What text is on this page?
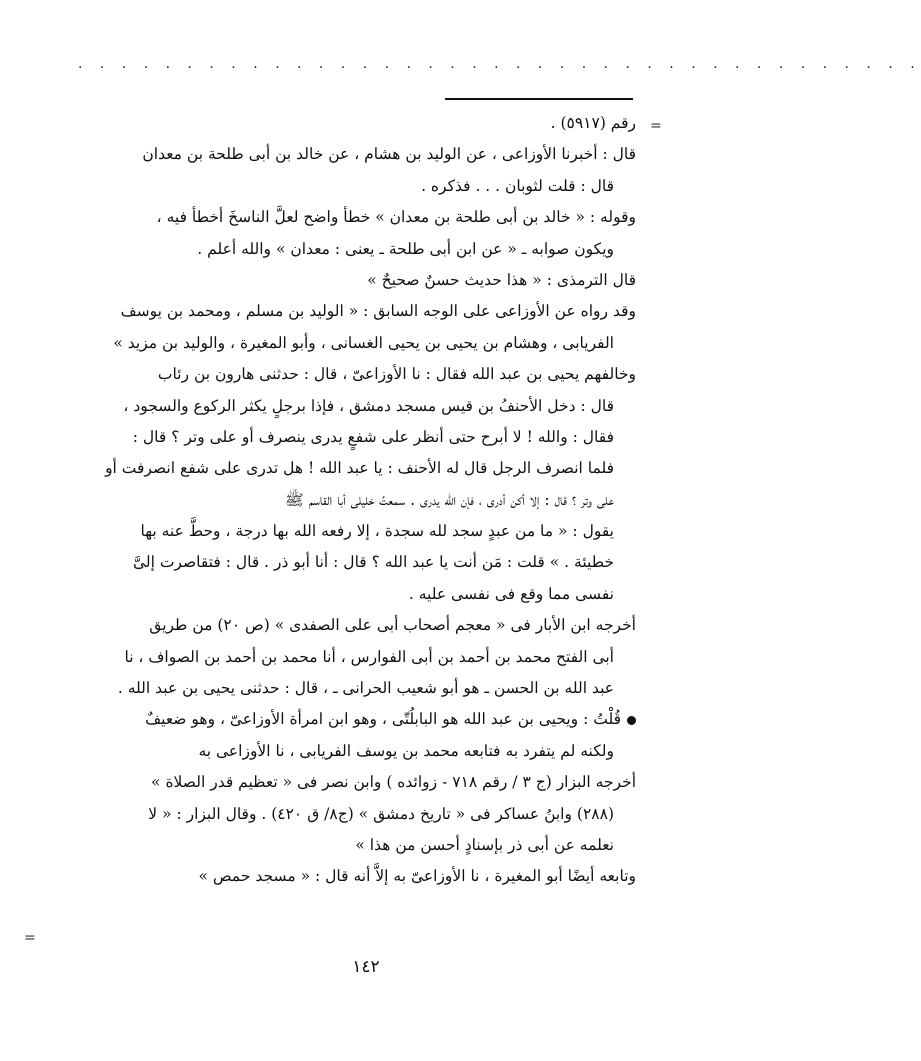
. . . . . . . . . . . . . . . . . . . . . . . . . . . . . . . . . . . . . . .
=
=
رقم (٥٩١٧) .
قال : أخبرنا الأوزاعى ، عن الوليد بن هشام ، عن خالد بن أبى طلحة بن معدان
قال : قلت لثوبان . . . فذكره .
وقوله : « خالد بن أبى طلحة بن معدان » خطأ واضح لعلَّ الناسخَ أخطأ فيه ،
ويكون صوابه ـ « عن ابن أبى طلحة ـ يعنى : معدان » والله أعلم .
قال الترمذى : « هذا حديث حسنٌ صحيحٌ »
وقد رواه عن الأوزاعى على الوجه السابق : « الوليد بن مسلم ، ومحمد بن يوسف
الفريابى ، وهشام بن يحيى بن يحيى الغسانى ، وأبو المغيرة ، والوليد بن مزيد »
وخالفهم يحيى بن عبد الله فقال : نا الأوزاعىّ ، قال : حدثنى هارون بن رئاب
قال : دخل الأحنفُ بن قيس مسجد دمشق ، فإذا برجلٍ يكثر الركوع والسجود ،
فقال : والله ! لا أبرح حتى أنظر على شفعٍ يدرى ينصرف أو على وتر ؟ قال :
فلما انصرف الرجل قال له الأحنف : يا عبد الله ! هل تدرى على شفع انصرفت أو
على وتر ؟ قال : إلا أكن أدرى ، فإن الله يدرى . سمعتُ خليلى أبا القاسم ﷺ
يقول : « ما من عبدٍ سجد لله سجدة ، إلا رفعه الله بها درجة ، وحطَّ عنه بها
خطيئة . » قلت : مَن أنت يا عبد الله ؟ قال : أنا أبو ذر . قال : فتقاصرت إلىَّ
نفسى مما وقع فى نفسى عليه .
أخرجه ابن الأبار فى « معجم أصحاب أبى على الصفدى » (ص ٢٠) من طريق
أبى الفتح محمد بن أحمد بن أبى الفوارس ، أنا محمد بن أحمد بن الصواف ، نا
عبد الله بن الحسن ـ هو أبو شعيب الحرانى ـ ، قال : حدثنى يحيى بن عبد الله .
قُلْتُ : ويحيى بن عبد الله هو البابلُتّى ، وهو ابن امرأة الأوزاعىّ ، وهو ضعيفٌ
ولكنه لم يتفرد به فتابعه محمد بن يوسف الفريابى ، نا الأوزاعى به
أخرجه البزار (ج ٣ / رقم ٧١٨ - زوائده ) وابن نصر فى « تعظيم قدر الصلاة »
(٢٨٨) وابنُ عساكر فى « تاريخ دمشق » (ج٨/ ق ٤٢٠) . وقال البزار : « لا
نعلمه عن أبى ذر بإسنادٍ أحسن من هذا »
وتابعه أيضًا أبو المغيرة ، نا الأوزاعىّ به إلاَّ أنه قال : « مسجد حمص »
١٤٢
